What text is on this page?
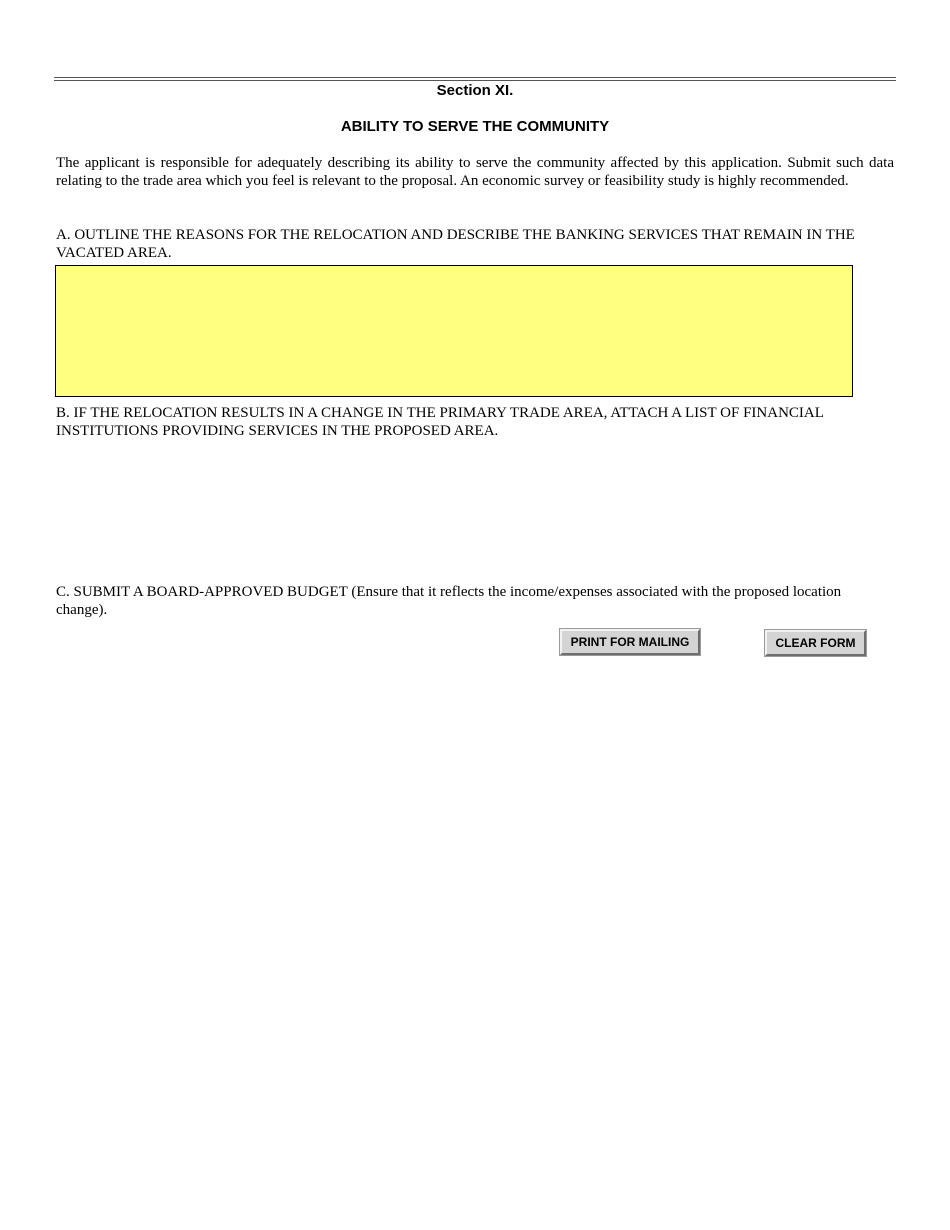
Section XI.
ABILITY TO SERVE THE COMMUNITY

The applicant is responsible for adequately describing its ability to serve the community affected by this application. Submit such data relating to the trade area which you feel is relevant to the proposal. An economic survey or feasibility study is highly recommended.

A. OUTLINE THE REASONS FOR THE RELOCATION AND DESCRIBE THE BANKING SERVICES THAT REMAIN IN THE VACATED AREA.

B. IF THE RELOCATION RESULTS IN A CHANGE IN THE PRIMARY TRADE AREA, ATTACH A LIST OF FINANCIAL INSTITUTIONS PROVIDING SERVICES IN THE PROPOSED AREA.

C. SUBMIT A BOARD-APPROVED BUDGET (Ensure that it reflects the income/expenses associated with the proposed location change).

PRINT FOR MAILING	CLEAR FORM
